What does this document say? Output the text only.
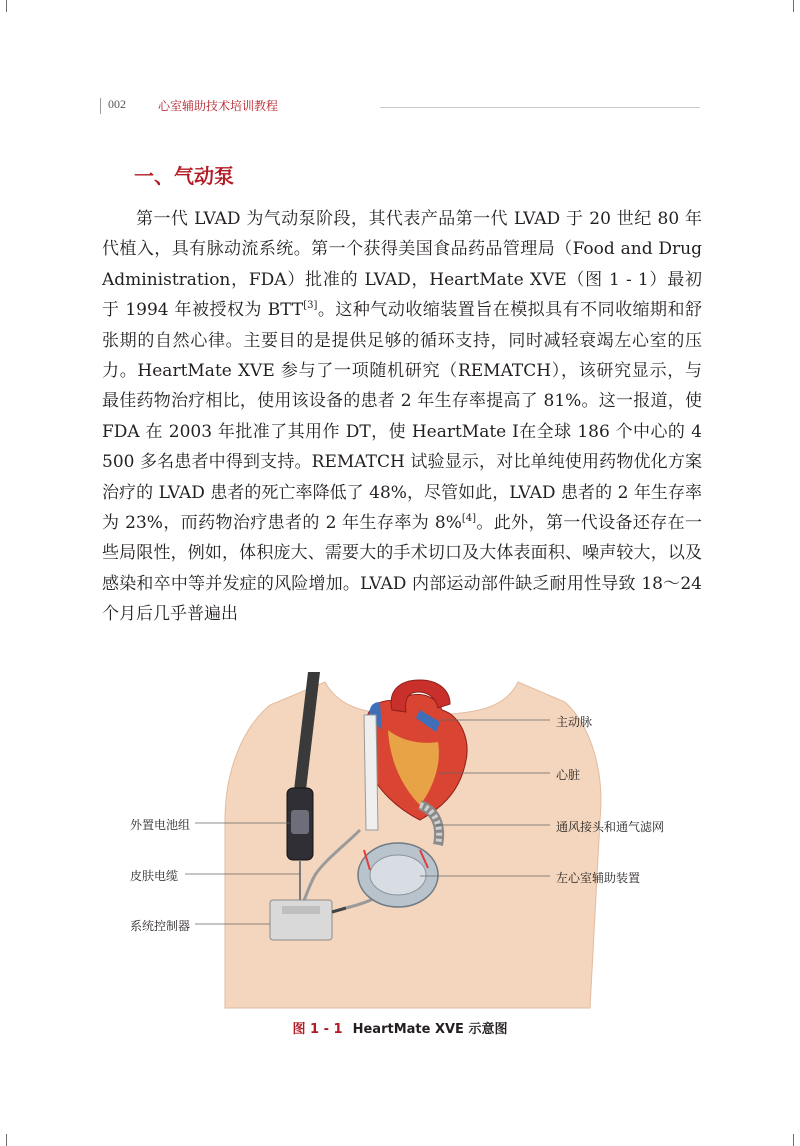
002	心室辅助技术培训教程
一、气动泵

第一代 LVAD 为气动泵阶段，其代表产品第一代 LVAD 于 20 世纪 80 年代植入，具有脉动流系统。第一个获得美国食品药品管理局（Food and Drug Administration，FDA）批准的 LVAD，HeartMate XVE（图 1 - 1）最初于 1994 年被授权为 BTT[3]。这种气动收缩装置旨在模拟具有不同收缩期和舒张期的自然心律。主要目的是提供足够的循环支持，同时减轻衰竭左心室的压力。HeartMate XVE 参与了一项随机研究（REMATCH），该研究显示，与最佳药物治疗相比，使用该设备的患者 2 年生存率提高了 81%。这一报道，使 FDA 在 2003 年批准了其用作 DT，使 HeartMate Ⅰ在全球 186 个中心的 4 500 多名患者中得到支持。REMATCH 试验显示，对比单纯使用药物优化方案治疗的 LVAD 患者的死亡率降低了 48%，尽管如此，LVAD 患者的 2 年生存率为 23%，而药物治疗患者的 2 年生存率为 8%[4]。此外，第一代设备还存在一些局限性，例如，体积庞大、需要大的手术切口及大体表面积、噪声较大，以及感染和卒中等并发症的风险增加。LVAD 内部运动部件缺乏耐用性导致 18～24 个月后几乎普遍出

外置电池组
皮肤电缆
系统控制器
主动脉
心脏
通风接头和通气滤网
左心室辅助装置
图 1 - 1 HeartMate XVE 示意图
